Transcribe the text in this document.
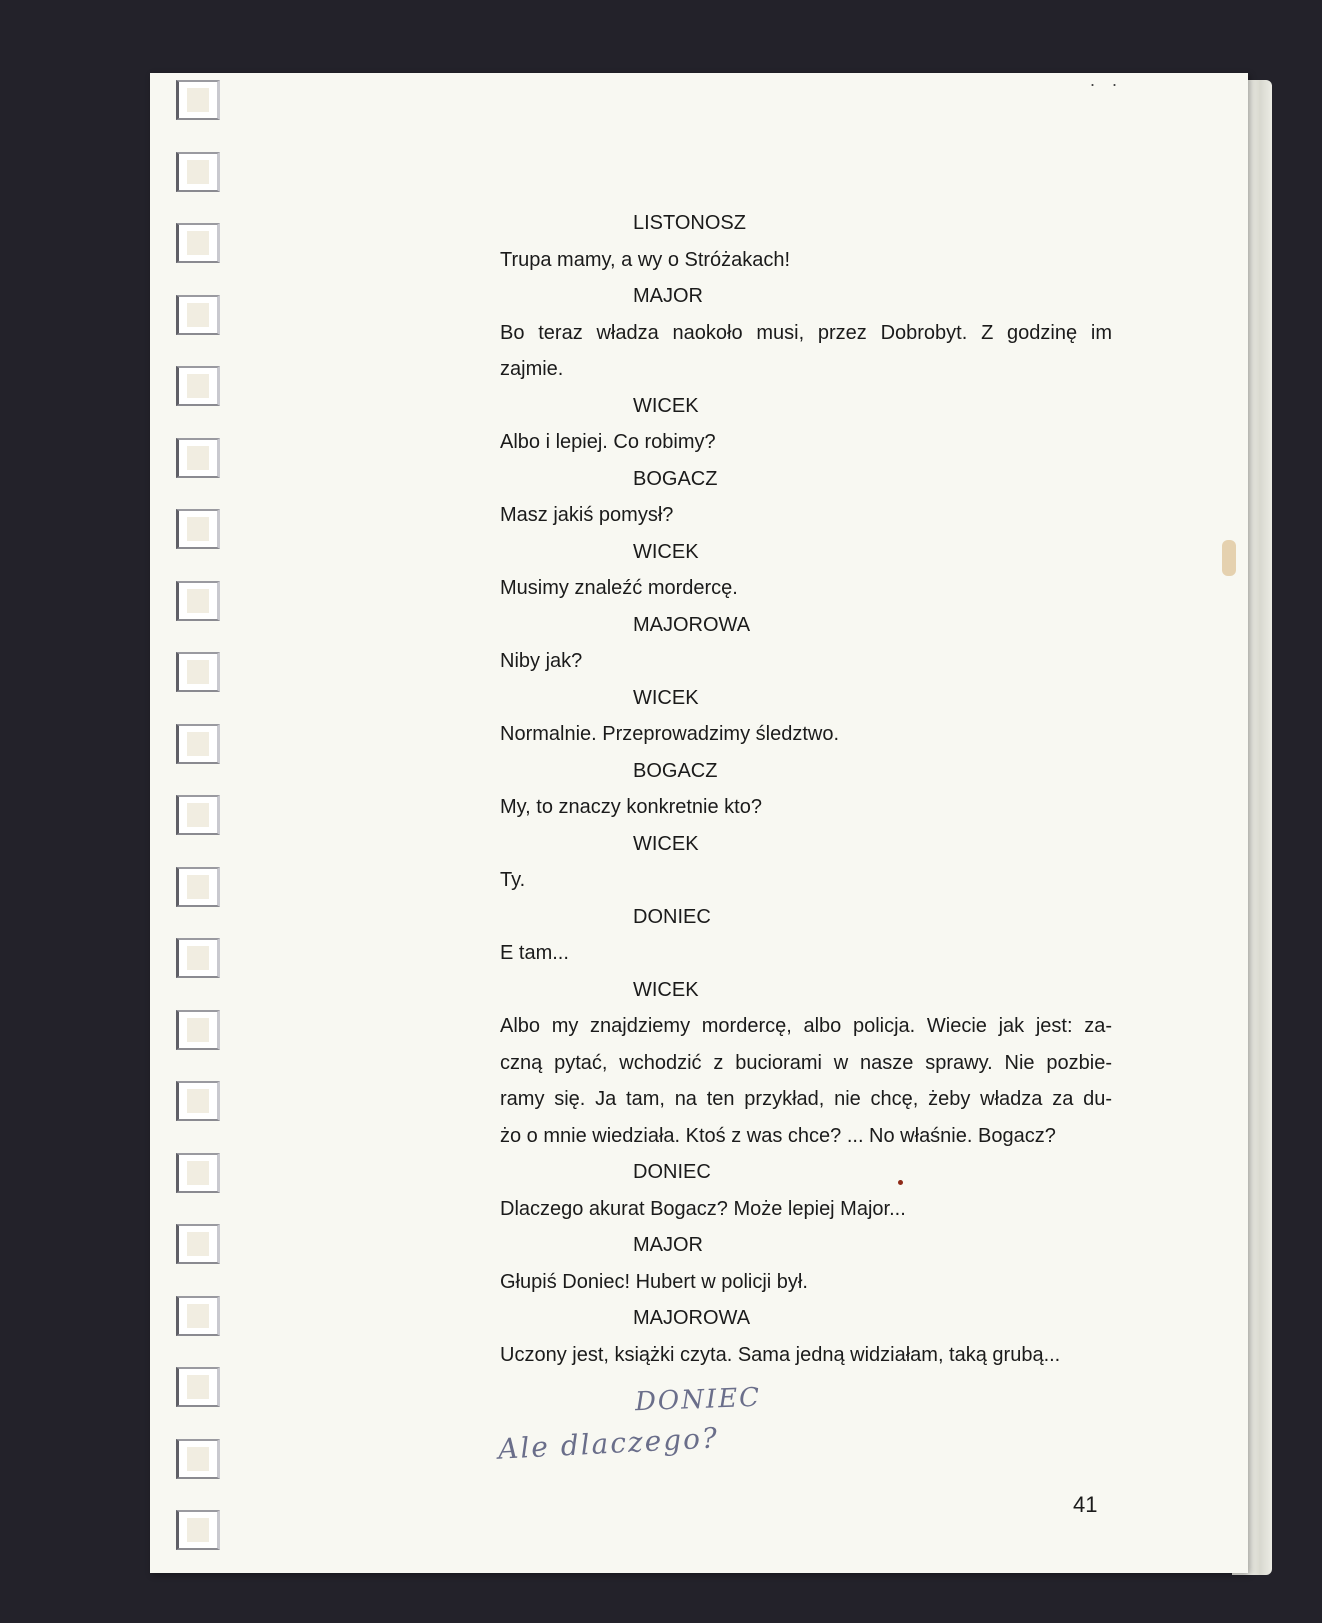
. .
LISTONOSZ
Trupa mamy, a wy o Stróżakach!
MAJOR
Bo teraz władza naokoło musi, przez Dobrobyt. Z godzinę im
zajmie.
WICEK
Albo i lepiej. Co robimy?
BOGACZ
Masz jakiś pomysł?
WICEK
Musimy znaleźć mordercę.
MAJOROWA
Niby jak?
WICEK
Normalnie. Przeprowadzimy śledztwo.
BOGACZ
My, to znaczy konkretnie kto?
WICEK
Ty.
DONIEC
E tam...
WICEK
Albo my znajdziemy mordercę, albo policja. Wiecie jak jest: za-
czną pytać, wchodzić z buciorami w nasze sprawy. Nie pozbie-
ramy się. Ja tam, na ten przykład, nie chcę, żeby władza za du-
żo o mnie wiedziała. Ktoś z was chce? ... No właśnie. Bogacz?
DONIEC
Dlaczego akurat Bogacz? Może lepiej Major...
MAJOR
Głupiś Doniec! Hubert w policji był.
MAJOROWA
Uczony jest, książki czyta. Sama jedną widziałam, taką grubą...
DONIEC
Ale dlaczego?
41
